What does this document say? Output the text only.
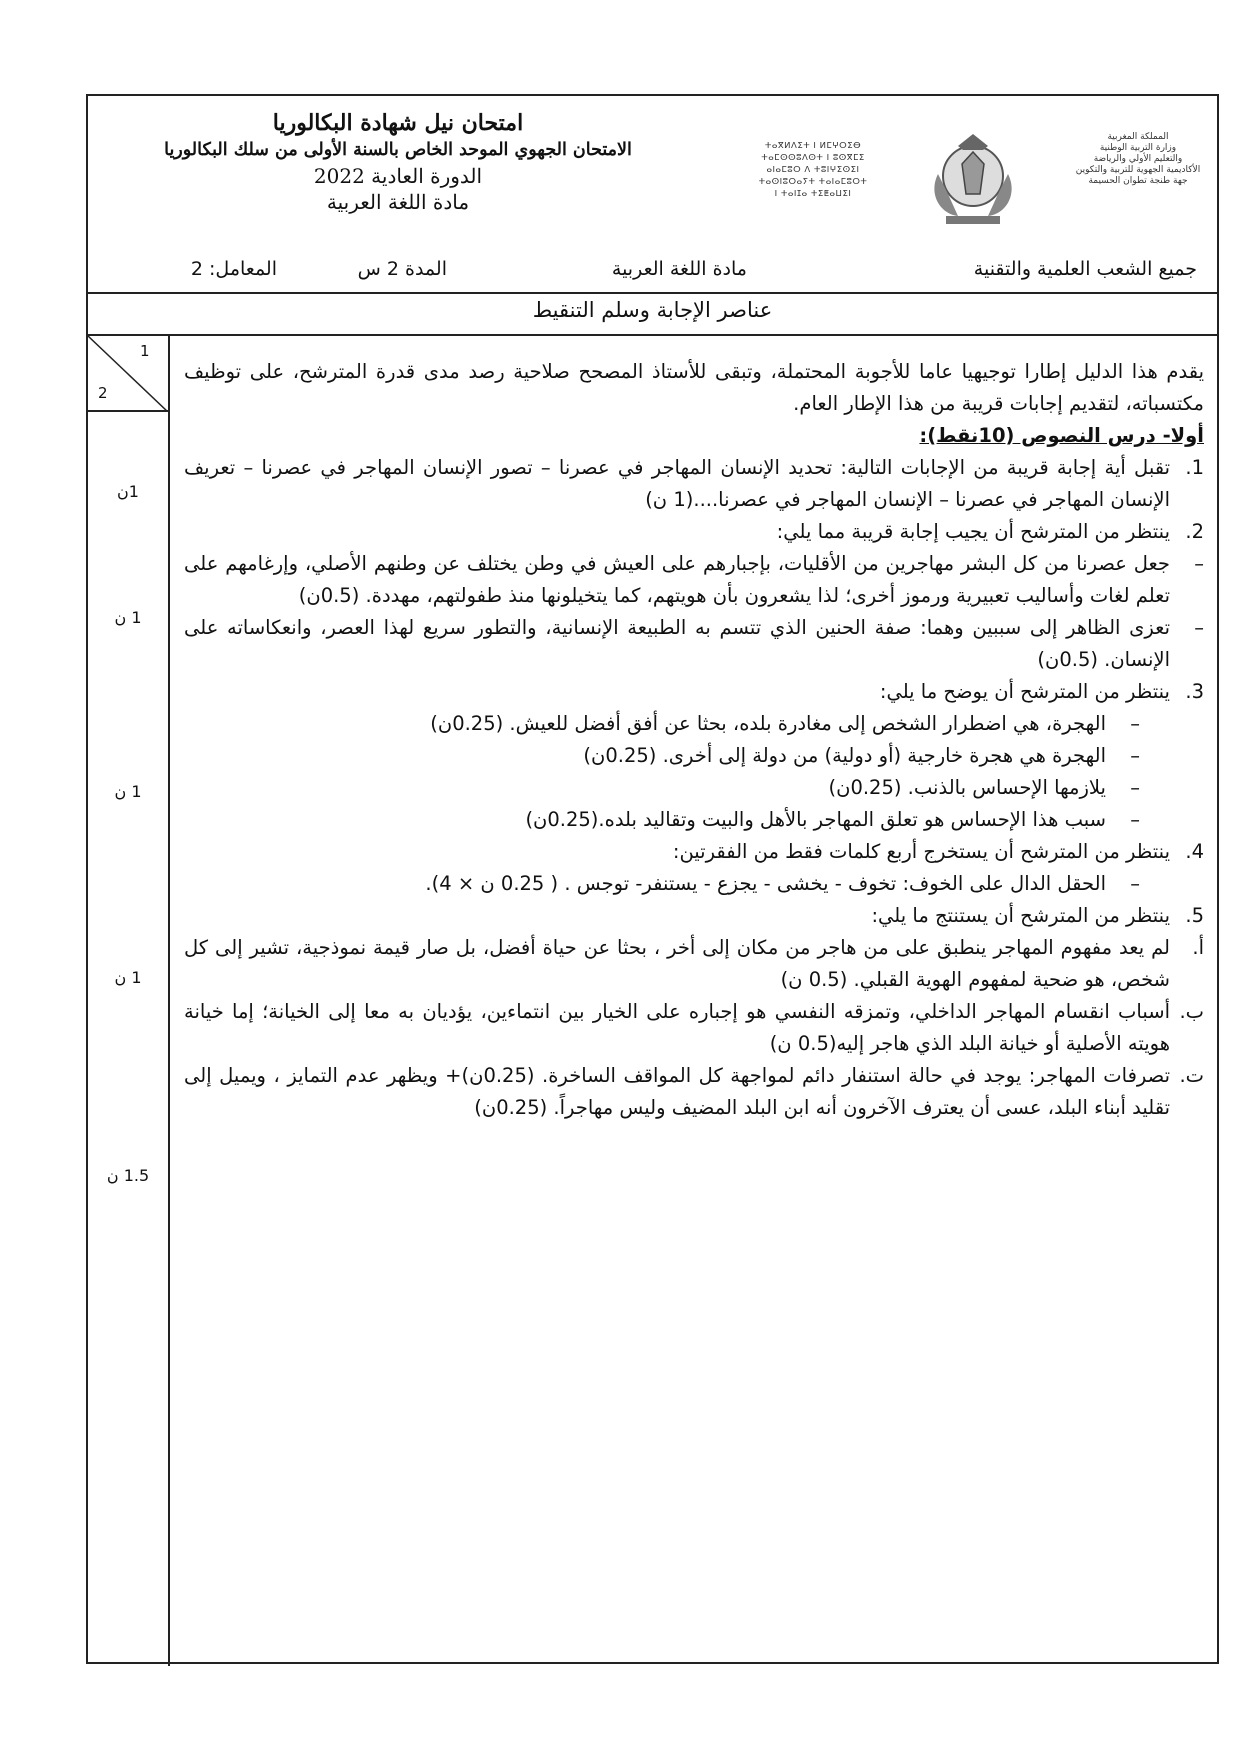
المملكة المغربية
وزارة التربية الوطنية
والتعليم الأولي والرياضة
الأكاديمية الجهوية للتربية والتكوين
جهة طنجة تطوان الحسيمة
ⵜⴰⴳⵍⴷⵉⵜ ⵏ ⵍⵎⵖⵔⵉⴱ
ⵜⴰⵎⵙⵙⵓⴷⵙⵜ ⵏ ⵓⵙⴳⵎⵉ
ⴰⵏⴰⵎⵓⵔ ⴷ ⵜⵓⵏⵖⵉⵙⵉⵏ
ⵜⴰⵙⵏⵓⵔⴰⵢⵜ ⵜⴰⵏⴰⵎⵓⵔⵜ
ⵏ ⵜⴰⵏⵊⴰ ⵜⵉⵟⴰⵡⵉⵏ
امتحان نيل شهادة البكالوريا
الامتحان الجهوي الموحد الخاص بالسنة الأولى من سلك البكالوريا
الدورة العادية 2022
مادة اللغة العربية
جميع الشعب العلمية والتقنية
مادة اللغة العربية
المدة 2 س
المعامل: 2
عناصر الإجابة وسلم التنقيط
1
2
1ن
1 ن
1 ن
1 ن
1.5 ن

يقدم هذا الدليل إطارا توجيهيا عاما للأجوبة المحتملة، وتبقى للأستاذ المصحح صلاحية رصد مدى قدرة المترشح، على توظيف مكتسباته، لتقديم إجابات قريبة من هذا الإطار العام.

أولا- درس النصوص (10نقط):

1.
تقبل أية إجابة قريبة من الإجابات التالية: تحديد الإنسان المهاجر في عصرنا – تصور الإنسان المهاجر في عصرنا – تعريف الإنسان المهاجر في عصرنا – الإنسان المهاجر في عصرنا....(1 ن)
2.
ينتظر من المترشح أن يجيب إجابة قريبة مما يلي:
–
جعل عصرنا من كل البشر مهاجرين من الأقليات، بإجبارهم على العيش في وطن يختلف عن وطنهم الأصلي، وإرغامهم على تعلم لغات وأساليب تعبيرية ورموز أخرى؛ لذا يشعرون بأن هويتهم، كما يتخيلونها منذ طفولتهم، مهددة. (0.5ن)
–
تعزى الظاهر إلى سببين وهما: صفة الحنين الذي تتسم به الطبيعة الإنسانية، والتطور سريع لهذا العصر، وانعكاساته على الإنسان. (0.5ن)
3.
ينتظر من المترشح أن يوضح ما يلي:
–
الهجرة، هي اضطرار الشخص إلى مغادرة بلده، بحثا عن أفق أفضل للعيش. (0.25ن)
–
الهجرة هي هجرة خارجية (أو دولية) من دولة إلى أخرى. (0.25ن)
–
يلازمها الإحساس بالذنب. (0.25ن)
–
سبب هذا الإحساس هو تعلق المهاجر بالأهل والبيت وتقاليد بلده.(0.25ن)
4.
ينتظر من المترشح أن يستخرج أربع كلمات فقط من الفقرتين:
–
الحقل الدال على الخوف: تخوف - يخشى - يجزع - يستنفر- توجس . ( 0.25 ن × 4).
5.
ينتظر من المترشح أن يستنتج ما يلي:
أ.
لم يعد مفهوم المهاجر ينطبق على من هاجر من مكان إلى أخر ، بحثا عن حياة أفضل، بل صار قيمة نموذجية، تشير إلى كل شخص، هو ضحية لمفهوم الهوية القبلي. (0.5 ن)
ب.
أسباب انقسام المهاجر الداخلي، وتمزقه النفسي هو إجباره على الخيار بين انتماءين، يؤديان به معا إلى الخيانة؛ إما خيانة هويته الأصلية أو خيانة البلد الذي هاجر إليه(0.5 ن)
ت.
تصرفات المهاجر: يوجد في حالة استنفار دائم لمواجهة كل المواقف الساخرة. (0.25ن)+ ويظهر عدم التمايز ، ويميل إلى تقليد أبناء البلد، عسى أن يعترف الآخرون أنه ابن البلد المضيف وليس مهاجراً. (0.25ن)
